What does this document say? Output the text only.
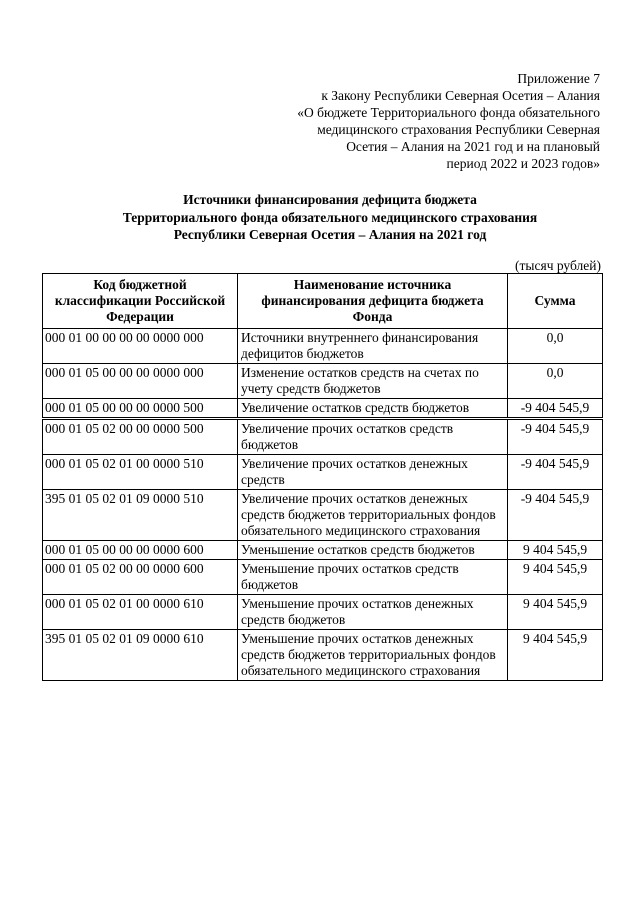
Приложение 7
к Закону Республики Северная Осетия – Алания
«О бюджете Территориального фонда обязательного
медицинского страхования Республики Северная
Осетия – Алания на 2021 год и на плановый
период 2022 и 2023 годов»
Источники финансирования дефицита бюджета
Территориального фонда обязательного медицинского страхования
Республики Северная Осетия – Алания на 2021 год
(тысяч рублей)
Код бюджетной классификации Российской Федерации	Наименование источника финансирования дефицита бюджета Фонда	Сумма
000 01 00 00 00 00 0000 000	Источники внутреннего финансирования дефицитов бюджетов	0,0
000 01 05 00 00 00 0000 000	Изменение остатков средств на счетах по учету средств бюджетов	0,0
000 01 05 00 00 00 0000 500	Увеличение остатков средств бюджетов	-9 404 545,9
000 01 05 02 00 00 0000 500	Увеличение прочих остатков средств бюджетов	-9 404 545,9
000 01 05 02 01 00 0000 510	Увеличение прочих остатков денежных средств	-9 404 545,9
395 01 05 02 01 09 0000 510	Увеличение прочих остатков денежных средств бюджетов территориальных фондов обязательного медицинского страхования	-9 404 545,9
000 01 05 00 00 00 0000 600	Уменьшение остатков средств бюджетов	9 404 545,9
000 01 05 02 00 00 0000 600	Уменьшение прочих остатков средств бюджетов	9 404 545,9
000 01 05 02 01 00 0000 610	Уменьшение прочих остатков денежных средств бюджетов	9 404 545,9
395 01 05 02 01 09 0000 610	Уменьшение прочих остатков денежных средств бюджетов территориальных фондов обязательного медицинского страхования	9 404 545,9
